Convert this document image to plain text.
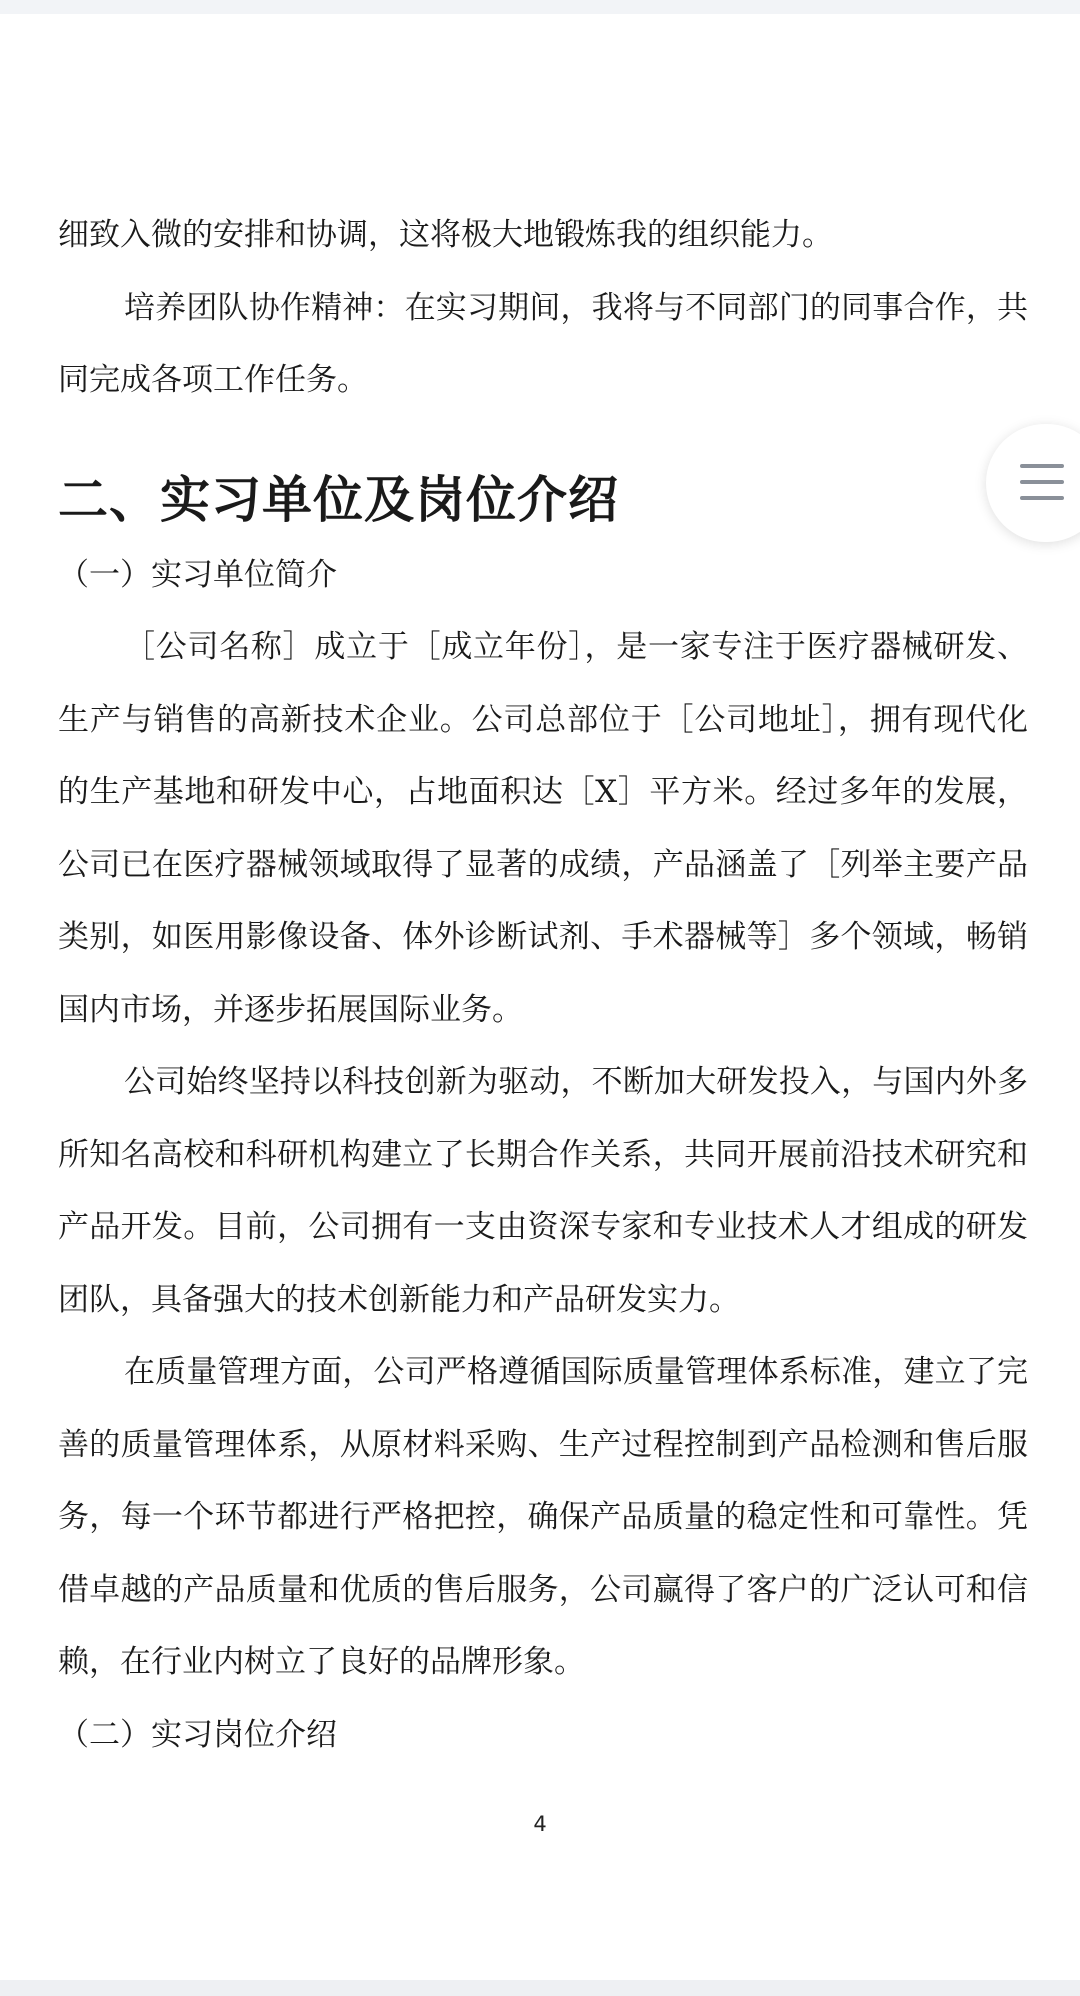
细致入微的安排和协调，这将极大地锻炼我的组织能力。

培养团队协作精神：在实习期间，我将与不同部门的同事合作，共同完成各项工作任务。

二、实习单位及岗位介绍

（一）实习单位简介

［公司名称］成立于［成立年份］，是一家专注于医疗器械研发、生产与销售的高新技术企业。公司总部位于［公司地址］，拥有现代化的生产基地和研发中心，占地面积达［X］平方米。经过多年的发展，公司已在医疗器械领域取得了显著的成绩，产品涵盖了［列举主要产品类别，如医用影像设备、体外诊断试剂、手术器械等］多个领域，畅销国内市场，并逐步拓展国际业务。

公司始终坚持以科技创新为驱动，不断加大研发投入，与国内外多所知名高校和科研机构建立了长期合作关系，共同开展前沿技术研究和产品开发。目前，公司拥有一支由资深专家和专业技术人才组成的研发团队，具备强大的技术创新能力和产品研发实力。

在质量管理方面，公司严格遵循国际质量管理体系标准，建立了完善的质量管理体系，从原材料采购、生产过程控制到产品检测和售后服务，每一个环节都进行严格把控，确保产品质量的稳定性和可靠性。凭借卓越的产品质量和优质的售后服务，公司赢得了客户的广泛认可和信赖，在行业内树立了良好的品牌形象。

（二）实习岗位介绍

4
